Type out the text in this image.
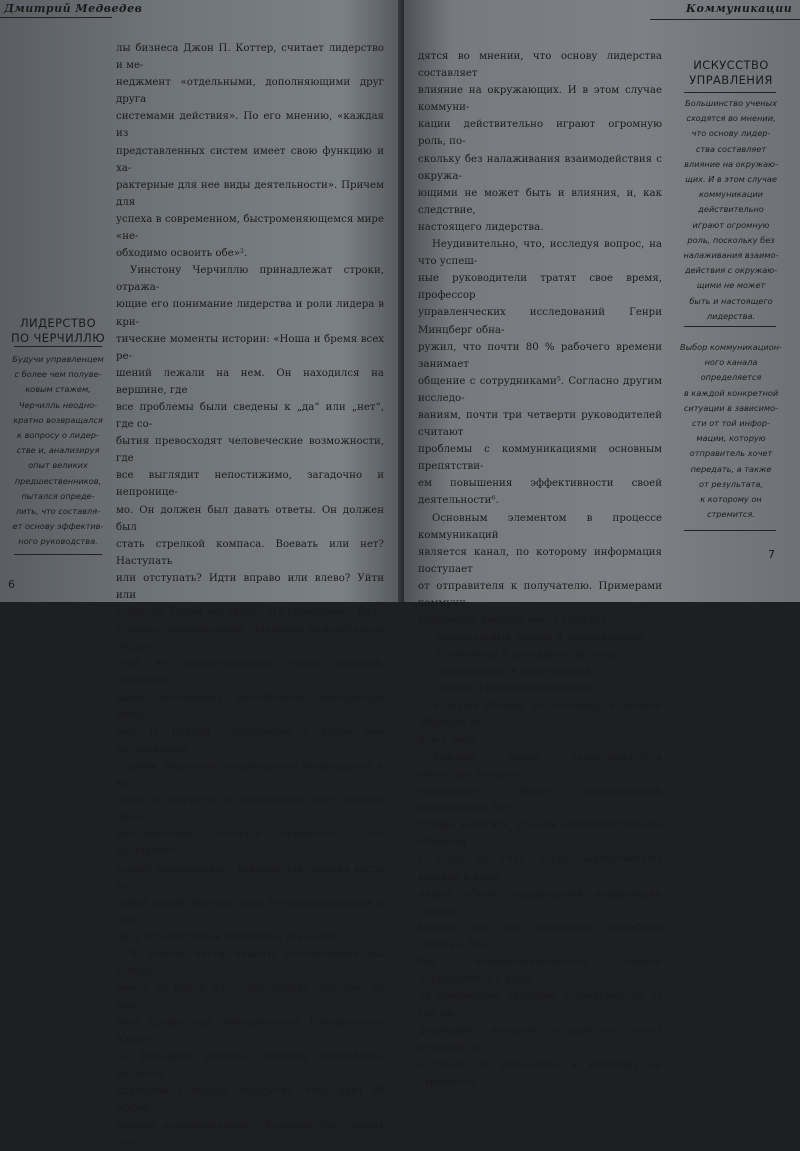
Дмитрий Медведев
ЛИДЕРСТВО
ПО ЧЕРЧИЛЛЮ
Будучи управленцем
с более чем полуве-
ковым стажем,
Черчилль неодно-
кратно возвращался
к вопросу о лидер-
стве и, анализируя
опыт великих
предшественников,
пытался опреде-
лить, что составля-
ет основу эффектив-
ного руководства.

лы бизнеса Джон П. Коттер, считает лидерство и ме-

неджмент «отдельными, дополняющими друг друга

системами действия». По его мнению, «каждая из

представленных систем имеет свою функцию и ха-

рактерные для нее виды деятельности». Причем для

успеха в современном, быстроменяющемся мире «не-

обходимо освоить обе»².

Уинстону Черчиллю принадлежат строки, отража-

ющие его понимание лидерства и роли лидера в кри-

тические моменты истории: «Ноша и бремя всех ре-

шений лежали на нем. Он находился на вершине, где

все проблемы были сведены к „да“ или „нет“, где со-

бытия превосходят человеческие возможности, где

все выглядит непостижимо, загадочно и непронице-

мо. Он должен был давать ответы. Он должен был

стать стрелкой компаса. Воевать или нет? Наступать

или отступать? Идти вправо или влево? Уйти или

остаться. Таким выглядело его сражение»³. Без-

условно, размышления Черчилля относительно лидер-

ства не ограничиваются этими словами, посвящен-

ными последнему российскому императору Нико-

лаю II. Будучи управленцем с более чем полувековым

стажем, Черчилль неоднократно возвращался к во-

просу о лидерстве и, анализируя опыт великих пред-

шественников, пытался определить, что составляет

основу эффективного руководства, умения вести за

собой людей. Именно этим его размышлениям и ана-

лизу его поступков посвящена эта книга.

В первой части нашего исследования мы остано-

вимся на одной из составляющих, которая, по мне-

нию профессора менеджмента Университета Южно-

го Колорадо доктора Ричарда Эйзенбейса является

ключевой в теории лидерства. Речь идет об эффек-

тивных коммуникациях⁴. Большинство ученых схо-

6
Коммуникации

дятся во мнении, что основу лидерства составляет

влияние на окружающих. И в этом случае коммуни-

кации действительно играют огромную роль, по-

скольку без налаживания взаимодействия с окружа-

ющими не может быть и влияния, и, как следствие,

настоящего лидерства.

Неудивительно, что, исследуя вопрос, на что успеш-

ные руководители тратят свое время, профессор

управленческих исследований Генри Минцберг обна-

ружил, что почти 80 % рабочего времени занимает

общение с сотрудниками⁵. Согласно другим исследо-

ваниям, почти три четверти руководителей считают

проблемы с коммуникациями основным препятстви-

ем повышения эффективности своей деятельности⁶.

Основным элементом в процессе коммуникаций

является канал, по которому информация поступает

от отправителя к получателю. Примерами коммуни-

кационных каналов могут служить:

официальные письма и меморандумы;

служебные и докладные записки;

презентации и выступления;

аудио- и видеоконференции;

а также беседы по телефону и личное общение ли-

цом к лицу.

Каждый канал характеризуется емкостью, которая

определяет объем передаваемой информации. Не-

трудно заметить, что при непосредственном общении

с глазу на глаз, когда задействованы мимика и инто-

нации, объем передаваемой информации гораздо

больше, чем при подготовке служебной записки. Вы-

бор коммуникационного канала определяется в кажд-

ой конкретной ситуации в зависимости от той ин-

формации, которую отправитель хочет передать, и

а также от результата, к которому он стремится.

ИСКУССТВО
УПРАВЛЕНИЯ
Большинство ученых
сходятся во мнении,
что основу лидер-
ства составляет
влияние на окружаю-
щих. И в этом случае
коммуникации
действительно
играют огромную
роль, поскольку без
налаживания взаимо-
действия с окружаю-
щими не может
быть и настоящего
лидерства.
Выбор коммуникацион-
ного канала
определяется
в каждой конкретной
ситуации в зависимо-
сти от той инфор-
мации, которую
отправитель хочет
передать, а также
от результата,
к которому он
стремится.
7
